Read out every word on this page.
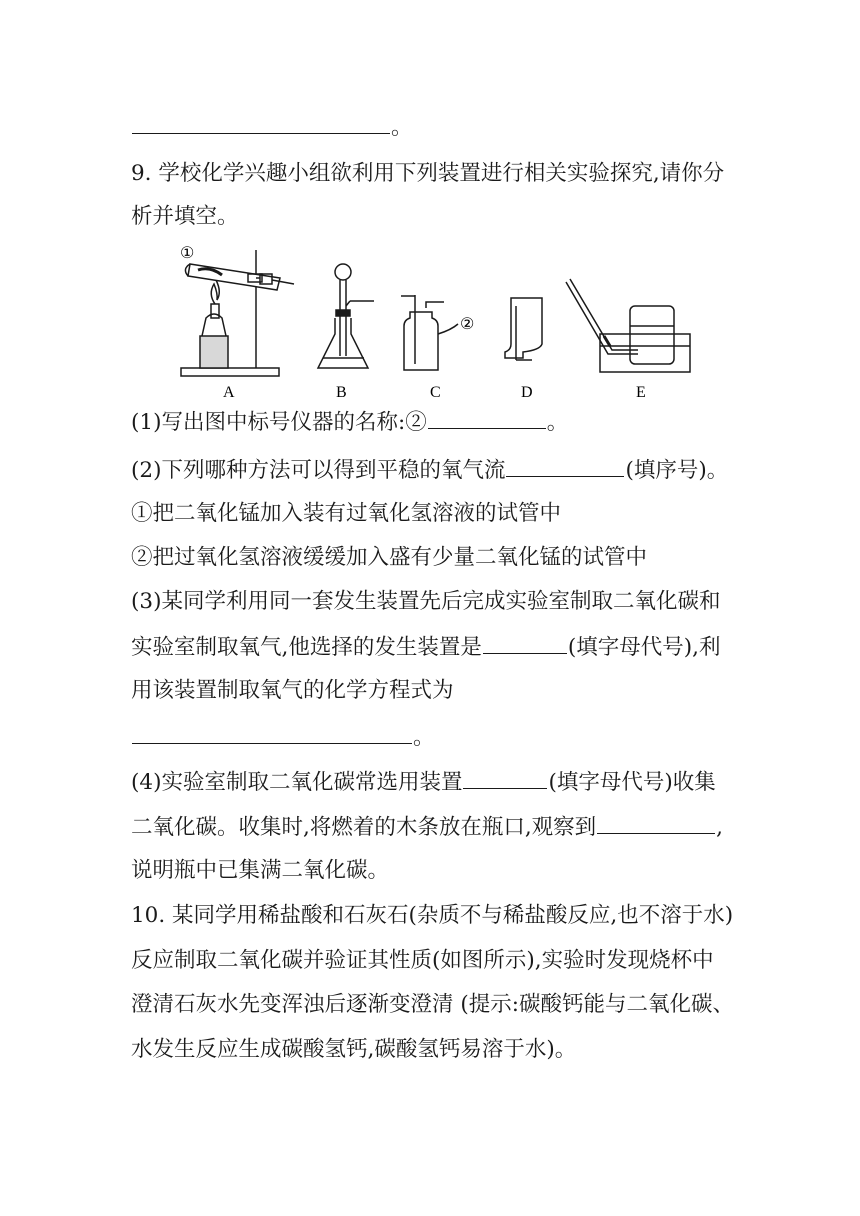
。
9. 学校化学兴趣小组欲利用下列装置进行相关实验探究,请你分
析并填空。
①
②
A	B	C	D	E
(1)写出图中标号仪器的名称:②	。
(2)下列哪种方法可以得到平稳的氧气流	(填序号)。
①把二氧化锰加入装有过氧化氢溶液的试管中
②把过氧化氢溶液缓缓加入盛有少量二氧化锰的试管中
(3)某同学利用同一套发生装置先后完成实验室制取二氧化碳和
实验室制取氧气,他选择的发生装置是	(填字母代号),利
用该装置制取氧气的化学方程式为
。
(4)实验室制取二氧化碳常选用装置	(填字母代号)收集
二氧化碳。收集时,将燃着的木条放在瓶口,观察到	,
说明瓶中已集满二氧化碳。
10. 某同学用稀盐酸和石灰石(杂质不与稀盐酸反应,也不溶于水)
反应制取二氧化碳并验证其性质(如图所示),实验时发现烧杯中
澄清石灰水先变浑浊后逐渐变澄清 (提示:碳酸钙能与二氧化碳、
水发生反应生成碳酸氢钙,碳酸氢钙易溶于水)。
